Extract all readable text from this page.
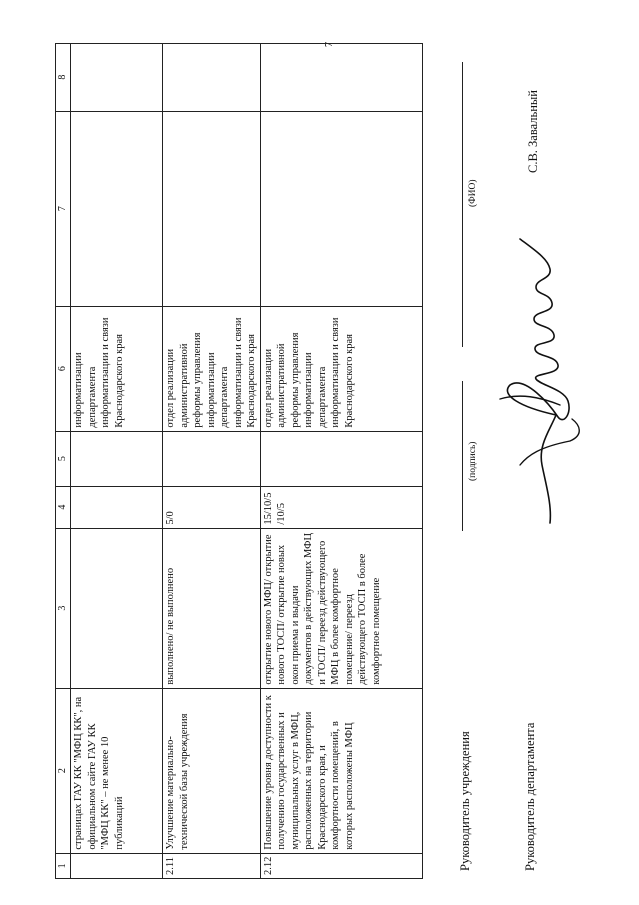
7
1	2	3	4	5	6	7	8
	страницах ГАУ КК "МФЦ КК", на официальном сайте ГАУ КК "МФЦ КК" – не менее 10 публикаций				информатизации департамента информатизации и связи Краснодарского края		
2.11	Улучшение материально-технической базы учреждения	выполнено/ не выполнено	5/0		отдел реализации административной реформы управления информатизации департамента информатизации и связи Краснодарского края		
2.12	Повышение уровня доступности к получению государственных и муниципальных услуг в МФЦ, расположенных на территории Краснодарского края, и комфортности помещений, в которых расположены МФЦ	открытие нового МФЦ/ открытие нового ТОСП/ открытие новых окон приема и выдачи документов в действующих МФЦ и ТОСП/ переезд действующего МФЦ в более комфортное помещение/ переезд действующего ТОСП в более комфортное помещение	15/10/5 /10/5		отдел реализации административной реформы управления информатизации департамента информатизации и связи Краснодарского края		
Руководитель учреждения
(подпись)
(ФИО)
Руководитель департамента
С.В. Завальный
